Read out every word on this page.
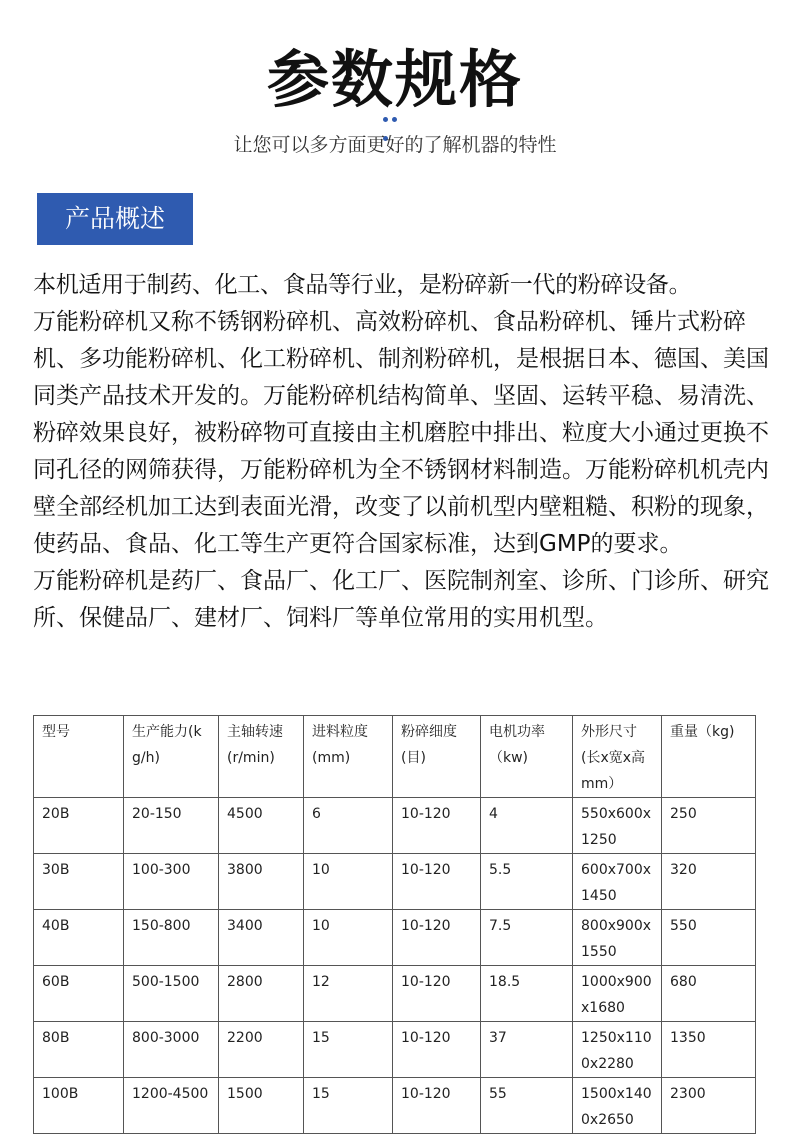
参数规格
让您可以多方面更好的了解机器的特性
产品概述

本机适用于制药、化工、食品等行业，是粉碎新一代的粉碎设备。

万能粉碎机又称不锈钢粉碎机、高效粉碎机、食品粉碎机、锤片式粉碎机、多功能粉碎机、化工粉碎机、制剂粉碎机，是根据日本、德国、美国同类产品技术开发的。万能粉碎机结构简单、坚固、运转平稳、易清洗、粉碎效果良好，被粉碎物可直接由主机磨腔中排出、粒度大小通过更换不同孔径的网筛获得，万能粉碎机为全不锈钢材料制造。万能粉碎机机壳内壁全部经机加工达到表面光滑，改变了以前机型内壁粗糙、积粉的现象，使药品、食品、化工等生产更符合国家标准，达到GMP的要求。

万能粉碎机是药厂、食品厂、化工厂、医院制剂室、诊所、门诊所、研究所、保健品厂、建材厂、饲料厂等单位常用的实用机型。

型号	生产能力(kg/h)	主轴转速(r/min)	进料粒度(mm)	粉碎细度(目)	电机功率（kw)	外形尺寸(长x宽x高mm）	重量（kg)
20B	20-150	4500	6	10-120	4	550x600x1250	250
30B	100-300	3800	10	10-120	5.5	600x700x1450	320
40B	150-800	3400	10	10-120	7.5	800x900x1550	550
60B	500-1500	2800	12	10-120	18.5	1000x900x1680	680
80B	800-3000	2200	15	10-120	37	1250x1100x2280	1350
100B	1200-4500	1500	15	10-120	55	1500x1400x2650	2300
